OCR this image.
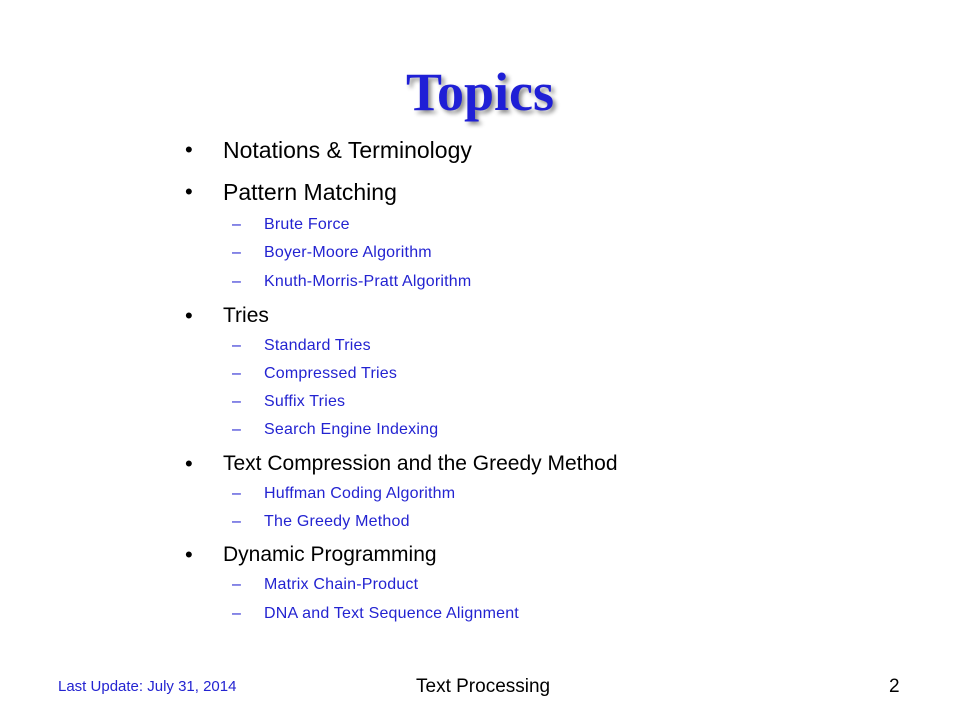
Topics
• Notations & Terminology
• Pattern Matching
– Brute Force
– Boyer-Moore Algorithm
– Knuth-Morris-Pratt Algorithm
• Tries
– Standard Tries
– Compressed Tries
– Suffix Tries
– Search Engine Indexing
• Text Compression and the Greedy Method
– Huffman Coding Algorithm
– The Greedy Method
• Dynamic Programming
– Matrix Chain-Product
– DNA and Text Sequence Alignment
Last Update: July 31, 2014	Text Processing	2
